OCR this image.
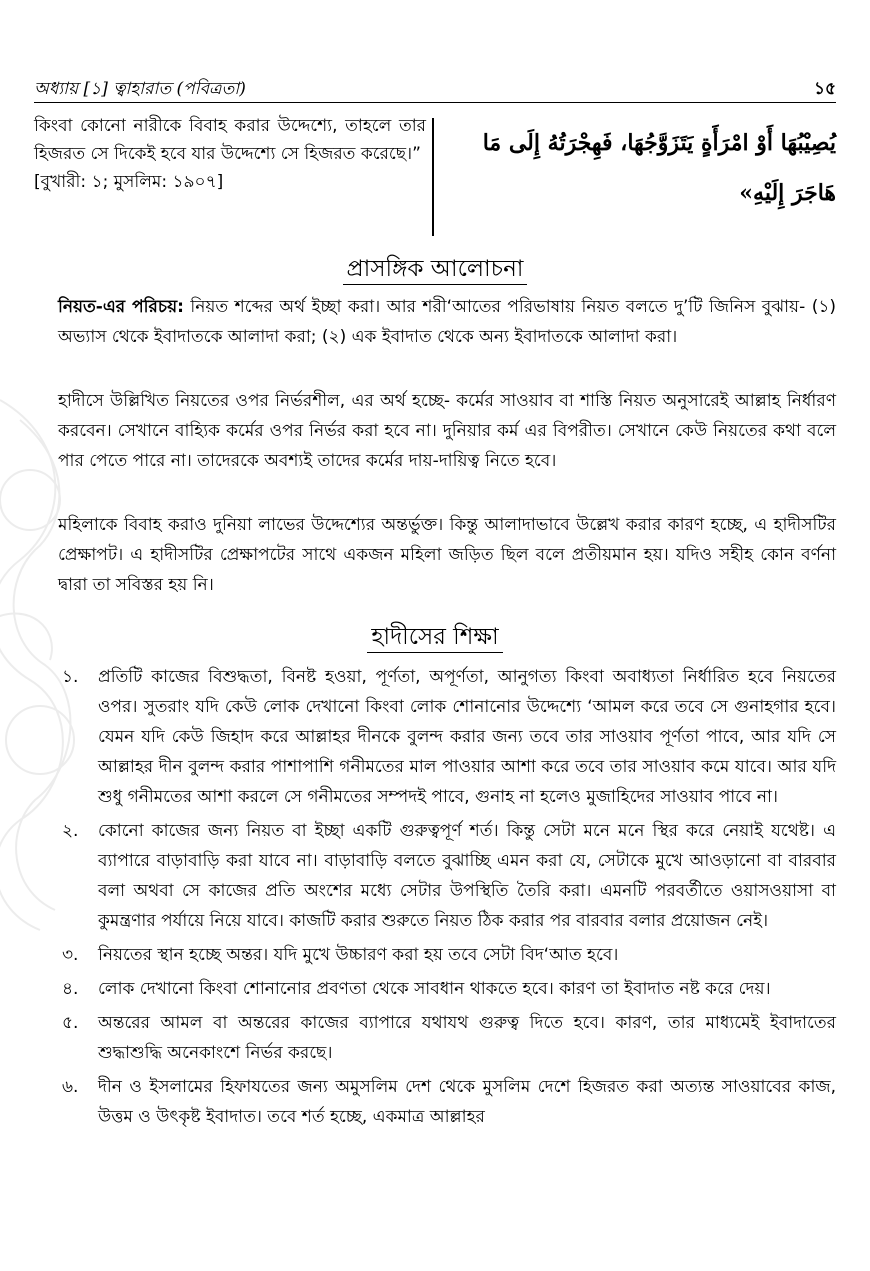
অধ্যায় [১] ত্বাহারাত (পবিত্রতা)	১৫
কিংবা কোনো নারীকে বিবাহ করার উদ্দেশ্যে, তাহলে তার হিজরত সে দিকেই হবে যার উদ্দেশ্যে সে হিজরত করেছে।”
[বুখারী: ১; মুসলিম: ১৯০৭]
يُصِيْبُهَا أَوْ امْرَأَةٍ يَتَزَوَّجُهَا، فَهِجْرَتُهُ إِلَى مَا
هَاجَرَ إِلَيْهِ»
প্রাসঙ্গিক আলোচনা

নিয়ত-এর পরিচয়: নিয়ত শব্দের অর্থ ইচ্ছা করা। আর শরী‘আতের পরিভাষায় নিয়ত বলতে দু’টি জিনিস বুঝায়- (১) অভ্যাস থেকে ইবাদাতকে আলাদা করা; (২) এক ইবাদাত থেকে অন্য ইবাদাতকে আলাদা করা।

হাদীসে উল্লিখিত নিয়তের ওপর নির্ভরশীল, এর অর্থ হচ্ছে- কর্মের সাওয়াব বা শাস্তি নিয়ত অনুসারেই আল্লাহ নির্ধারণ করবেন। সেখানে বাহ্যিক কর্মের ওপর নির্ভর করা হবে না। দুনিয়ার কর্ম এর বিপরীত। সেখানে কেউ নিয়তের কথা বলে পার পেতে পারে না। তাদেরকে অবশ্যই তাদের কর্মের দায়-দায়িত্ব নিতে হবে।

মহিলাকে বিবাহ করাও দুনিয়া লাভের উদ্দেশ্যের অন্তর্ভুক্ত। কিন্তু আলাদাভাবে উল্লেখ করার কারণ হচ্ছে, এ হাদীসটির প্রেক্ষাপট। এ হাদীসটির প্রেক্ষাপটের সাথে একজন মহিলা জড়িত ছিল বলে প্রতীয়মান হয়। যদিও সহীহ কোন বর্ণনা দ্বারা তা সবিস্তর হয় নি।

হাদীসের শিক্ষা
১. প্রতিটি কাজের বিশুদ্ধতা, বিনষ্ট হওয়া, পূর্ণতা, অপূর্ণতা, আনুগত্য কিংবা অবাধ্যতা নির্ধারিত হবে নিয়তের ওপর। সুতরাং যদি কেউ লোক দেখানো কিংবা লোক শোনানোর উদ্দেশ্যে ‘আমল করে তবে সে গুনাহগার হবে। যেমন যদি কেউ জিহাদ করে আল্লাহর দীনকে বুলন্দ করার জন্য তবে তার সাওয়াব পূর্ণতা পাবে, আর যদি সে আল্লাহর দীন বুলন্দ করার পাশাপাশি গনীমতের মাল পাওয়ার আশা করে তবে তার সাওয়াব কমে যাবে। আর যদি শুধু গনীমতের আশা করলে সে গনীমতের সম্পদই পাবে, গুনাহ না হলেও মুজাহিদের সাওয়াব পাবে না।
২. কোনো কাজের জন্য নিয়ত বা ইচ্ছা একটি গুরুত্বপূর্ণ শর্ত। কিন্তু সেটা মনে মনে স্থির করে নেয়াই যথেষ্ট। এ ব্যাপারে বাড়াবাড়ি করা যাবে না। বাড়াবাড়ি বলতে বুঝাচ্ছি এমন করা যে, সেটাকে মুখে আওড়ানো বা বারবার বলা অথবা সে কাজের প্রতি অংশের মধ্যে সেটার উপস্থিতি তৈরি করা। এমনটি পরবর্তীতে ওয়াসওয়াসা বা কুমন্ত্রণার পর্যায়ে নিয়ে যাবে। কাজটি করার শুরুতে নিয়ত ঠিক করার পর বারবার বলার প্রয়োজন নেই।
৩. নিয়তের স্থান হচ্ছে অন্তর। যদি মুখে উচ্চারণ করা হয় তবে সেটা বিদ‘আত হবে।
৪. লোক দেখানো কিংবা শোনানোর প্রবণতা থেকে সাবধান থাকতে হবে। কারণ তা ইবাদাত নষ্ট করে দেয়।
৫. অন্তরের আমল বা অন্তরের কাজের ব্যাপারে যথাযথ গুরুত্ব দিতে হবে। কারণ, তার মাধ্যমেই ইবাদাতের শুদ্ধাশুদ্ধি অনেকাংশে নির্ভর করছে।
৬. দীন ও ইসলামের হিফাযতের জন্য অমুসলিম দেশ থেকে মুসলিম দেশে হিজরত করা অত্যন্ত সাওয়াবের কাজ, উত্তম ও উৎকৃষ্ট ইবাদাত। তবে শর্ত হচ্ছে, একমাত্র আল্লাহর
